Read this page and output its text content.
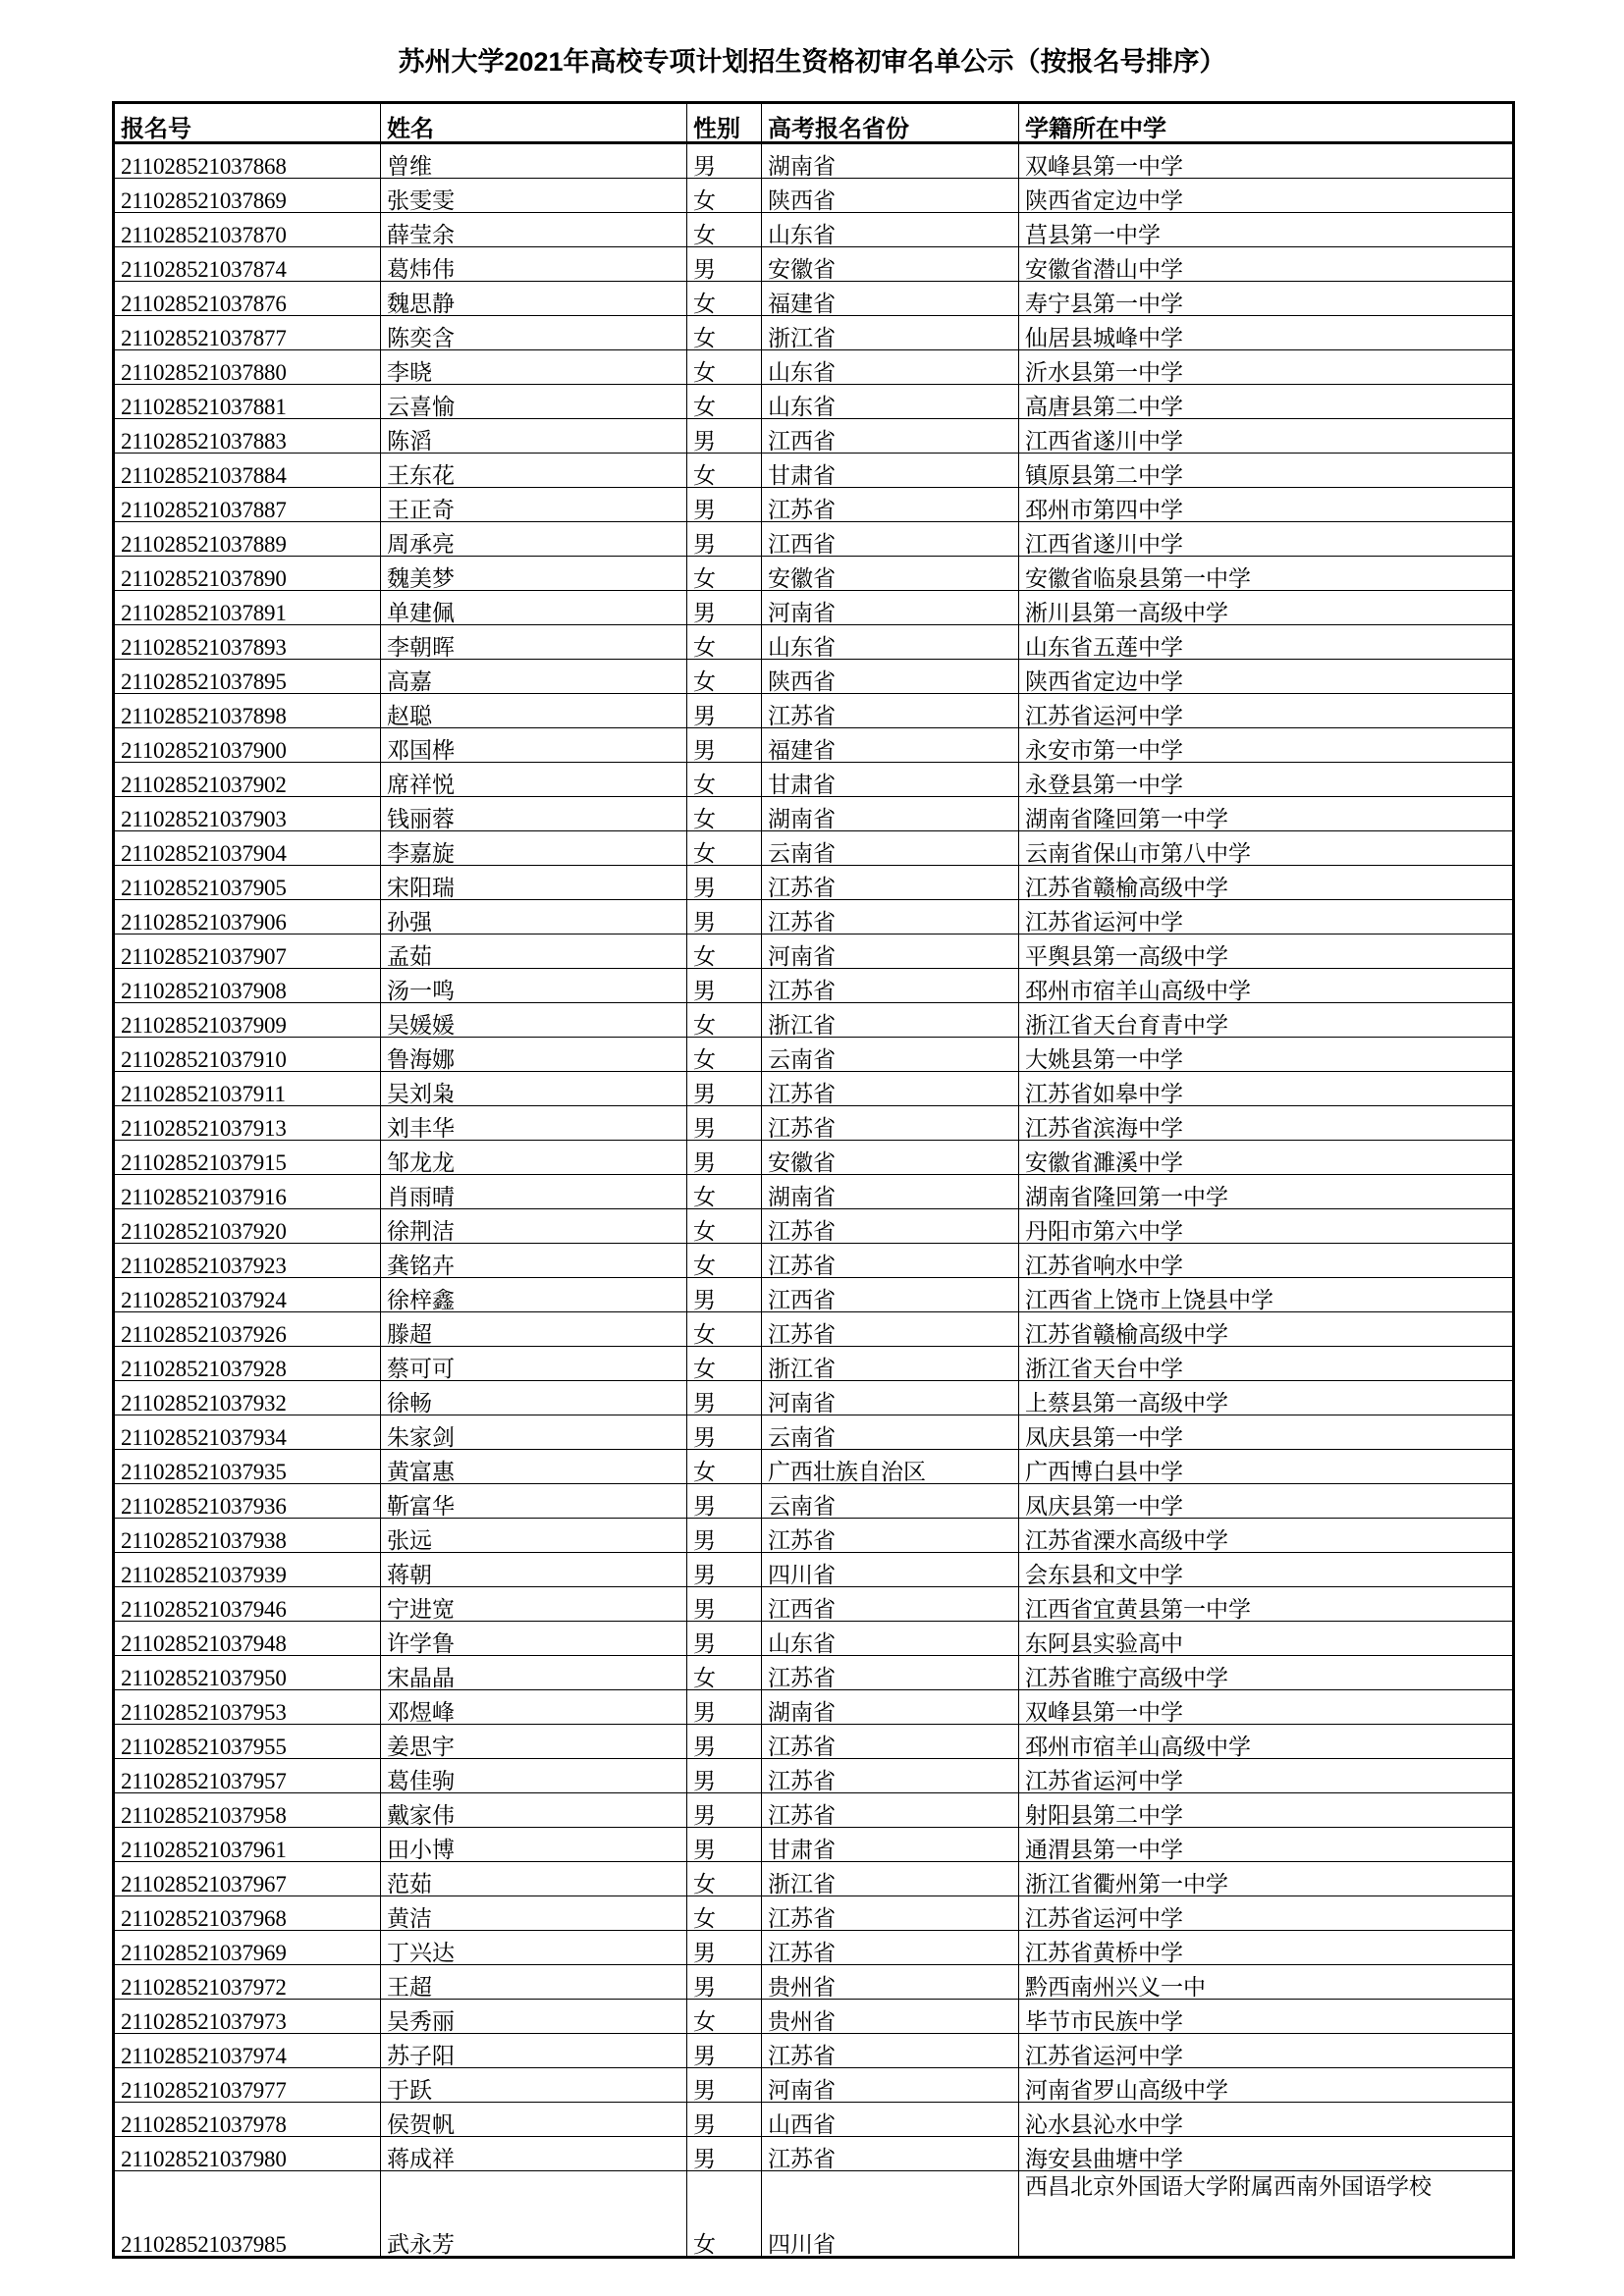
苏州大学2021年高校专项计划招生资格初审名单公示（按报名号排序）
报名号	姓名	性别	高考报名省份	学籍所在中学
211028521037868	曾维	男	湖南省	双峰县第一中学
211028521037869	张雯雯	女	陕西省	陕西省定边中学
211028521037870	薛莹余	女	山东省	莒县第一中学
211028521037874	葛炜伟	男	安徽省	安徽省潜山中学
211028521037876	魏思静	女	福建省	寿宁县第一中学
211028521037877	陈奕含	女	浙江省	仙居县城峰中学
211028521037880	李晓	女	山东省	沂水县第一中学
211028521037881	云喜愉	女	山东省	高唐县第二中学
211028521037883	陈滔	男	江西省	江西省遂川中学
211028521037884	王东花	女	甘肃省	镇原县第二中学
211028521037887	王正奇	男	江苏省	邳州市第四中学
211028521037889	周承亮	男	江西省	江西省遂川中学
211028521037890	魏美梦	女	安徽省	安徽省临泉县第一中学
211028521037891	单建佩	男	河南省	淅川县第一高级中学
211028521037893	李朝晖	女	山东省	山东省五莲中学
211028521037895	高嘉	女	陕西省	陕西省定边中学
211028521037898	赵聪	男	江苏省	江苏省运河中学
211028521037900	邓国桦	男	福建省	永安市第一中学
211028521037902	席祥悦	女	甘肃省	永登县第一中学
211028521037903	钱丽蓉	女	湖南省	湖南省隆回第一中学
211028521037904	李嘉旋	女	云南省	云南省保山市第八中学
211028521037905	宋阳瑞	男	江苏省	江苏省赣榆高级中学
211028521037906	孙强	男	江苏省	江苏省运河中学
211028521037907	孟茹	女	河南省	平舆县第一高级中学
211028521037908	汤一鸣	男	江苏省	邳州市宿羊山高级中学
211028521037909	吴媛媛	女	浙江省	浙江省天台育青中学
211028521037910	鲁海娜	女	云南省	大姚县第一中学
211028521037911	吴刘枭	男	江苏省	江苏省如皋中学
211028521037913	刘丰华	男	江苏省	江苏省滨海中学
211028521037915	邹龙龙	男	安徽省	安徽省濉溪中学
211028521037916	肖雨晴	女	湖南省	湖南省隆回第一中学
211028521037920	徐荆洁	女	江苏省	丹阳市第六中学
211028521037923	龚铭卉	女	江苏省	江苏省响水中学
211028521037924	徐梓鑫	男	江西省	江西省上饶市上饶县中学
211028521037926	滕超	女	江苏省	江苏省赣榆高级中学
211028521037928	蔡可可	女	浙江省	浙江省天台中学
211028521037932	徐畅	男	河南省	上蔡县第一高级中学
211028521037934	朱家剑	男	云南省	凤庆县第一中学
211028521037935	黄富惠	女	广西壮族自治区	广西博白县中学
211028521037936	靳富华	男	云南省	凤庆县第一中学
211028521037938	张远	男	江苏省	江苏省溧水高级中学
211028521037939	蒋朝	男	四川省	会东县和文中学
211028521037946	宁进宽	男	江西省	江西省宜黄县第一中学
211028521037948	许学鲁	男	山东省	东阿县实验高中
211028521037950	宋晶晶	女	江苏省	江苏省睢宁高级中学
211028521037953	邓煜峰	男	湖南省	双峰县第一中学
211028521037955	姜思宇	男	江苏省	邳州市宿羊山高级中学
211028521037957	葛佳驹	男	江苏省	江苏省运河中学
211028521037958	戴家伟	男	江苏省	射阳县第二中学
211028521037961	田小博	男	甘肃省	通渭县第一中学
211028521037967	范茹	女	浙江省	浙江省衢州第一中学
211028521037968	黄洁	女	江苏省	江苏省运河中学
211028521037969	丁兴达	男	江苏省	江苏省黄桥中学
211028521037972	王超	男	贵州省	黔西南州兴义一中
211028521037973	吴秀丽	女	贵州省	毕节市民族中学
211028521037974	苏子阳	男	江苏省	江苏省运河中学
211028521037977	于跃	男	河南省	河南省罗山高级中学
211028521037978	侯贺帆	男	山西省	沁水县沁水中学
211028521037980	蒋成祥	男	江苏省	海安县曲塘中学
211028521037985	武永芳	女	四川省	西昌北京外国语大学附属西南外国语学校
